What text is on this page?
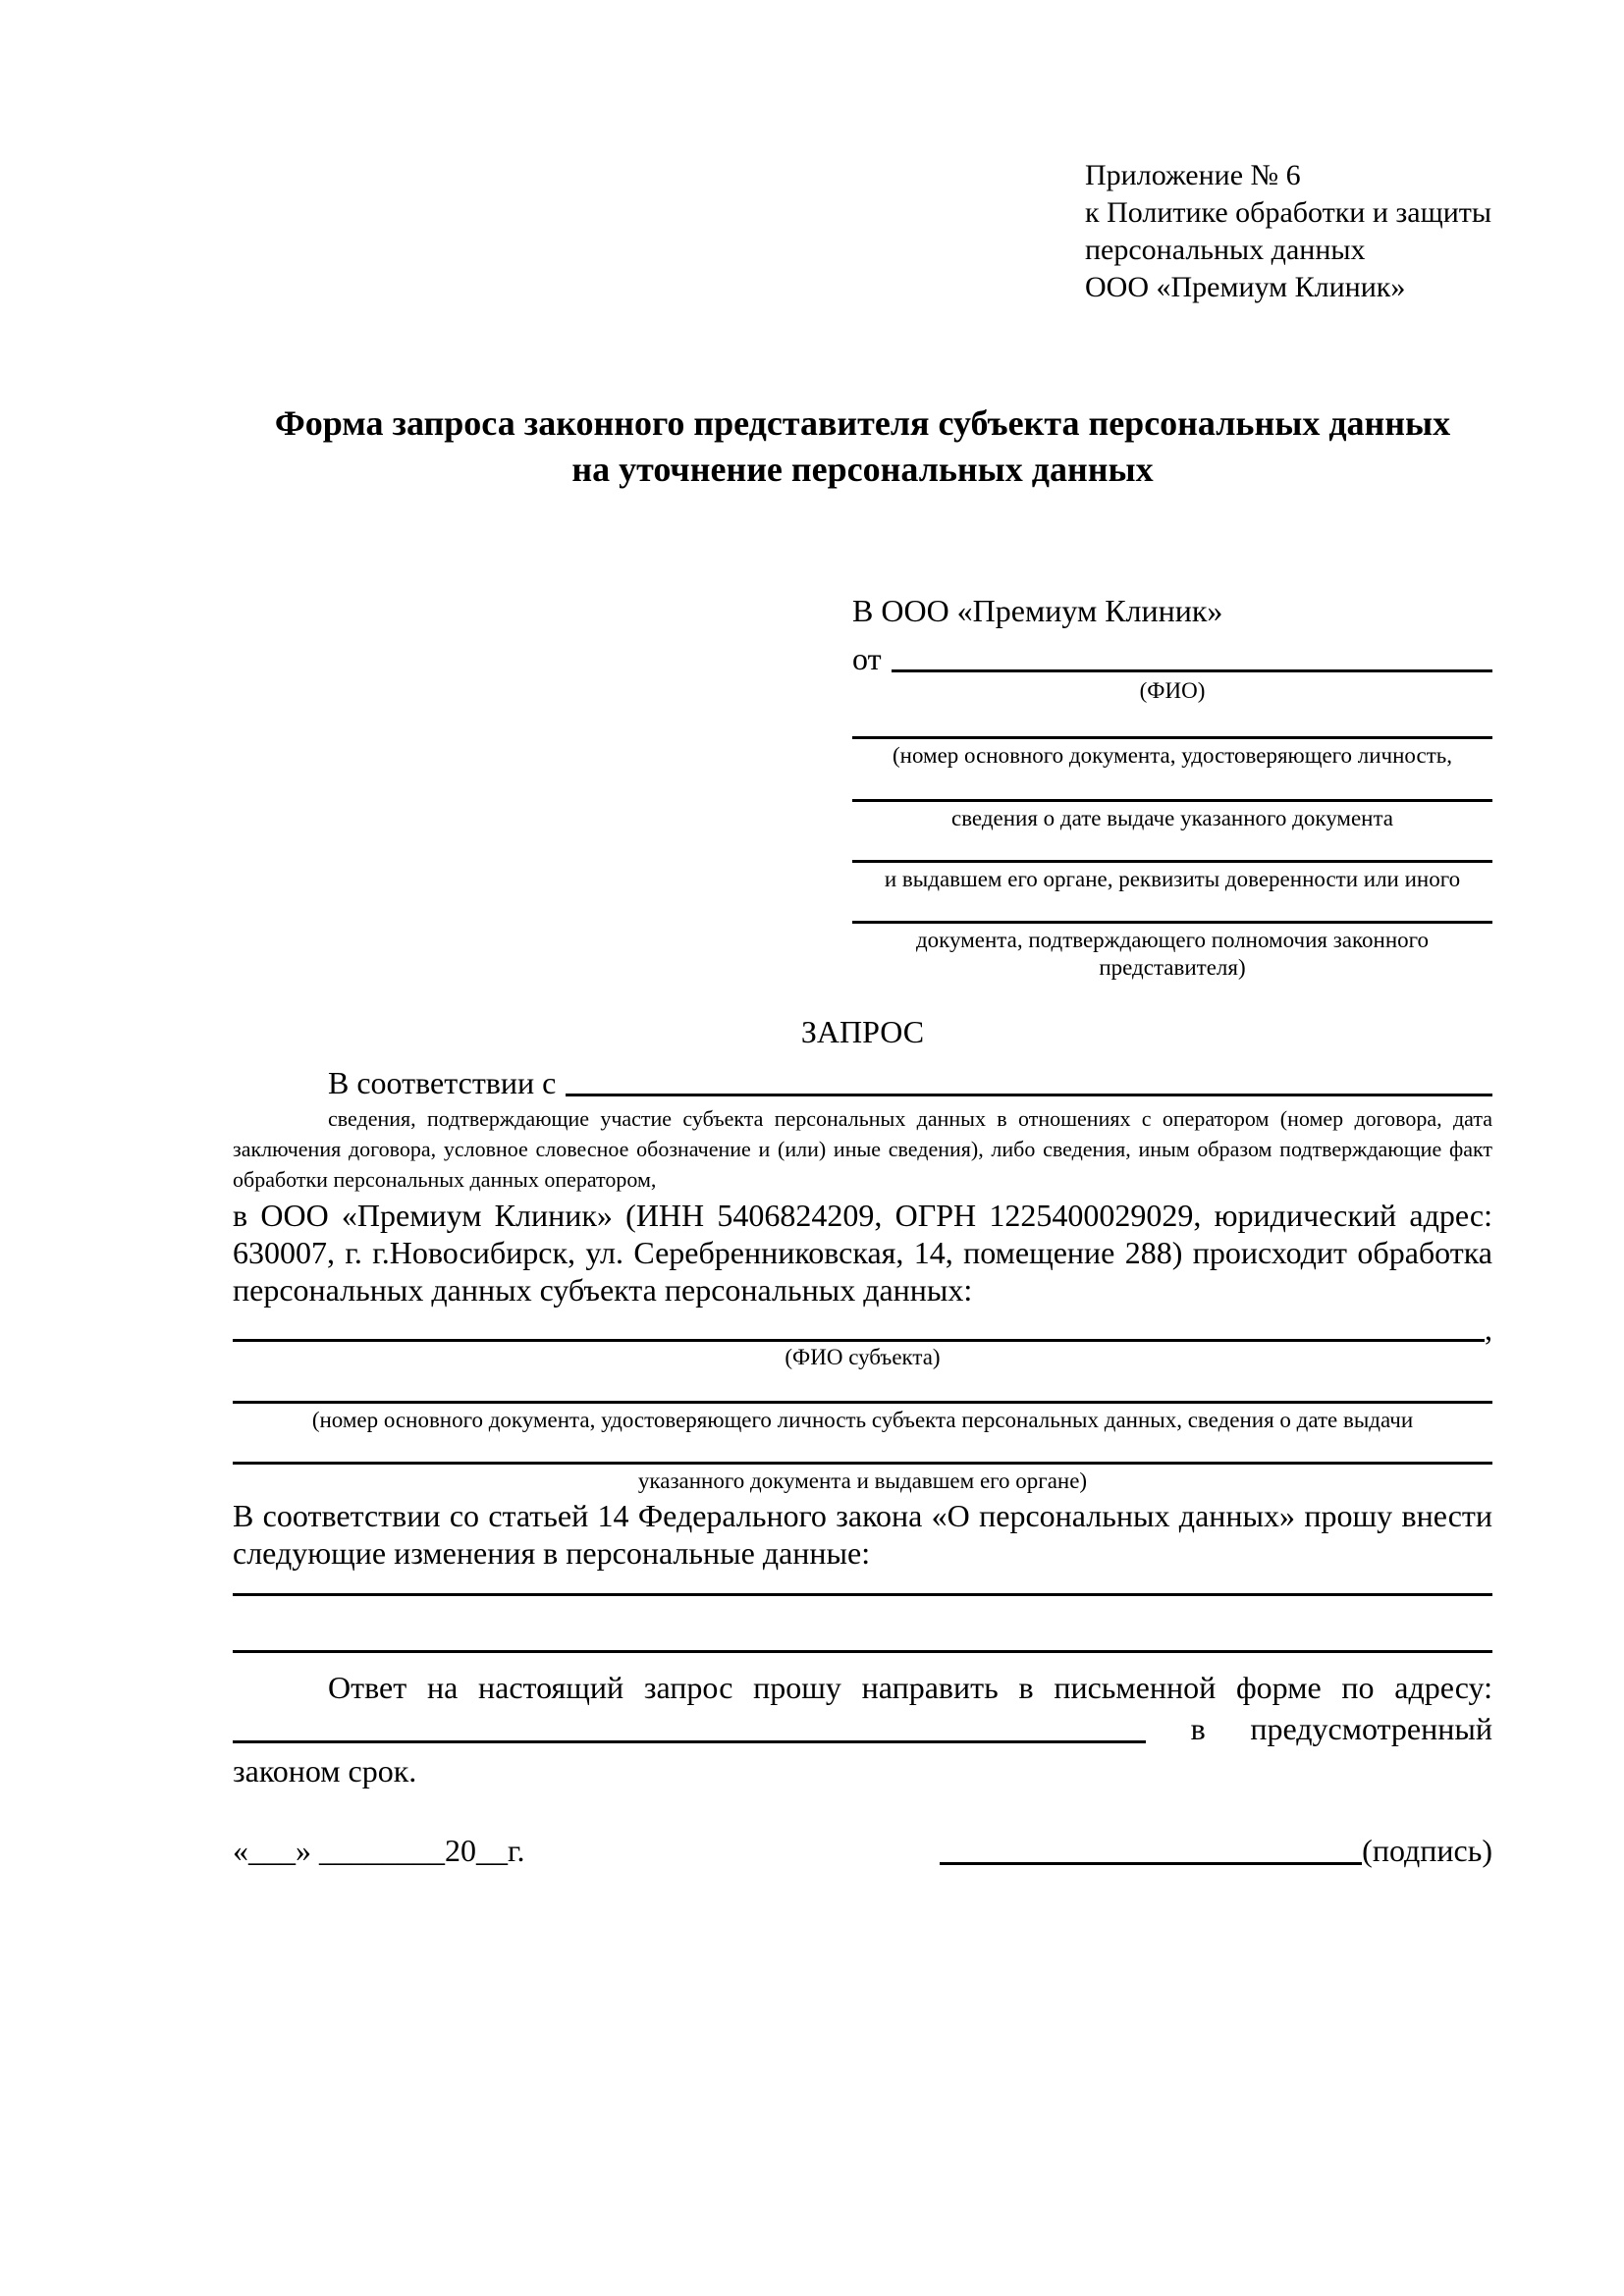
Приложение № 6
к Политике обработки и защиты
персональных данных
ООО «Премиум Клиник»
Форма запроса законного представителя субъекта персональных данных
на уточнение персональных данных
В ООО «Премиум Клиник»
от
(ФИО)
(номер основного документа, удостоверяющего личность,
сведения о дате выдаче указанного документа
и выдавшем его органе, реквизиты доверенности или иного
документа, подтверждающего полномочия законного представителя)
ЗАПРОС
В соответствии с
сведения, подтверждающие участие субъекта персональных данных в отношениях с оператором (номер договора, дата заключения договора, условное словесное обозначение и (или) иные сведения), либо сведения, иным образом подтверждающие факт обработки персональных данных оператором,

в ООО «Премиум Клиник» (ИНН 5406824209, ОГРН 1225400029029, юридический адрес: 630007, г. г.Новосибирск, ул. Серебренниковская, 14, помещение 288) происходит обработка персональных данных субъекта персональных данных:

,
(ФИО субъекта)
(номер основного документа, удостоверяющего личность субъекта персональных данных, сведения о дате выдачи
указанного документа и выдавшем его органе)

В соответствии со статьей 14 Федерального закона «О персональных данных» прошу внести следующие изменения в персональные данные:

Ответ на настоящий запрос прошу направить в письменной форме по адресу:

в предусмотренный
законом срок.
«___» ________20__г.	(подпись)
